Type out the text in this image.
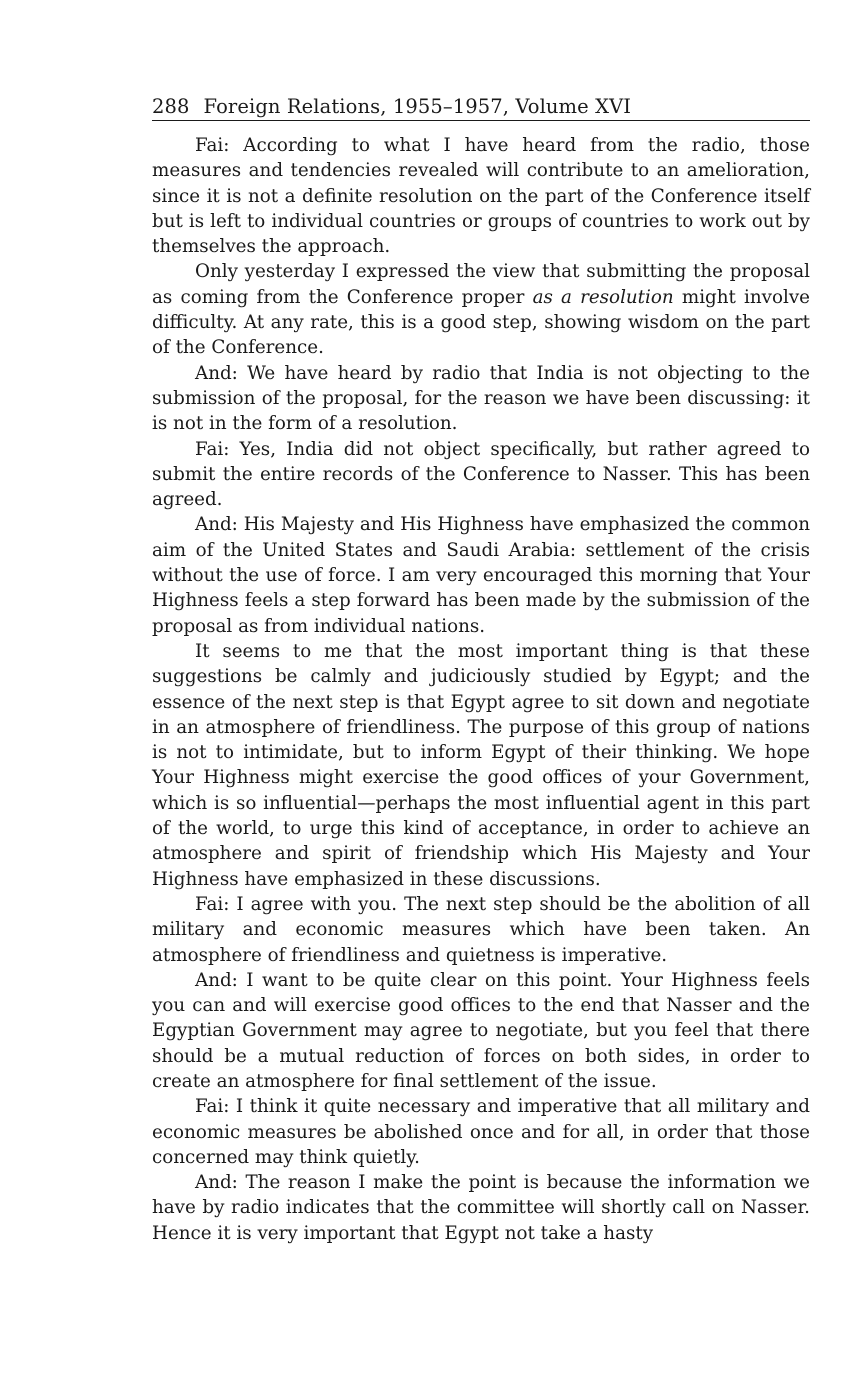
288 Foreign Relations, 1955–1957, Volume XVI

Fai: According to what I have heard from the radio, those measures and tendencies revealed will contribute to an amelioration, since it is not a definite resolution on the part of the Conference itself but is left to individual countries or groups of countries to work out by themselves the approach.

Only yesterday I expressed the view that submitting the proposal as coming from the Conference proper as a resolution might involve difficulty. At any rate, this is a good step, showing wisdom on the part of the Conference.

And: We have heard by radio that India is not objecting to the submission of the proposal, for the reason we have been discussing: it is not in the form of a resolution.

Fai: Yes, India did not object specifically, but rather agreed to submit the entire records of the Conference to Nasser. This has been agreed.

And: His Majesty and His Highness have emphasized the common aim of the United States and Saudi Arabia: settlement of the crisis without the use of force. I am very encouraged this morning that Your Highness feels a step forward has been made by the submission of the proposal as from individual nations.

It seems to me that the most important thing is that these suggestions be calmly and judiciously studied by Egypt; and the essence of the next step is that Egypt agree to sit down and negotiate in an atmosphere of friendliness. The purpose of this group of nations is not to intimidate, but to inform Egypt of their thinking. We hope Your Highness might exercise the good offices of your Government, which is so influential—perhaps the most influential agent in this part of the world, to urge this kind of acceptance, in order to achieve an atmosphere and spirit of friendship which His Majesty and Your Highness have emphasized in these discussions.

Fai: I agree with you. The next step should be the abolition of all military and economic measures which have been taken. An atmosphere of friendliness and quietness is imperative.

And: I want to be quite clear on this point. Your Highness feels you can and will exercise good offices to the end that Nasser and the Egyptian Government may agree to negotiate, but you feel that there should be a mutual reduction of forces on both sides, in order to create an atmosphere for final settlement of the issue.

Fai: I think it quite necessary and imperative that all military and economic measures be abolished once and for all, in order that those concerned may think quietly.

And: The reason I make the point is because the information we have by radio indicates that the committee will shortly call on Nasser. Hence it is very important that Egypt not take a hasty
